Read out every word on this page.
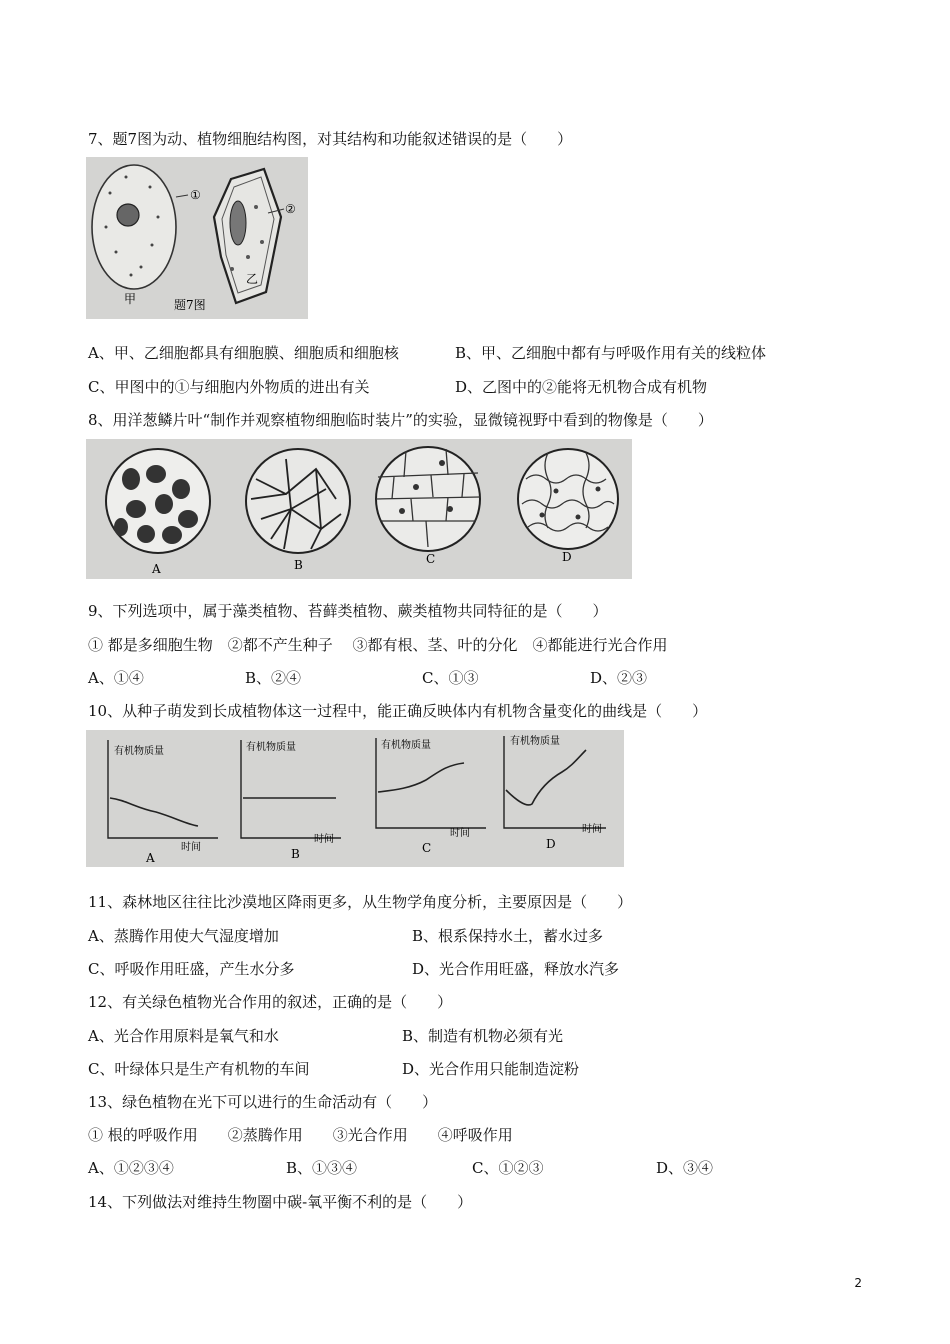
7、题7图为动、植物细胞结构图，对其结构和功能叙述错误的是（　　）
①
②
甲
乙
题7图
A、甲、乙细胞都具有细胞膜、细胞质和细胞核	B、甲、乙细胞中都有与呼吸作用有关的线粒体
C、甲图中的①与细胞内外物质的进出有关	D、乙图中的②能将无机物合成有机物
8、用洋葱鳞片叶“制作并观察植物细胞临时装片”的实验，显微镜视野中看到的物像是（　　）
A	B	C	D
9、下列选项中，属于藻类植物、苔藓类植物、蕨类植物共同特征的是（　　）
① 都是多细胞生物　②都不产生种子　 ③都有根、茎、叶的分化　④都能进行光合作用
A、①④	B、②④	C、①③	D、②③
10、从种子萌发到长成植物体这一过程中，能正确反映体内有机物含量变化的曲线是（　　）
有机物质量	有机物质量	有机物质量	有机物质量
时间
时间
时间	时间
A	B	C	D
11、森林地区往往比沙漠地区降雨更多，从生物学角度分析，主要原因是（　　）
A、蒸腾作用使大气湿度增加	B、根系保持水土，蓄水过多
C、呼吸作用旺盛，产生水分多	D、光合作用旺盛，释放水汽多
12、有关绿色植物光合作用的叙述，正确的是（　　）
A、光合作用原料是氧气和水	B、制造有机物必须有光
C、叶绿体只是生产有机物的车间	D、光合作用只能制造淀粉
13、绿色植物在光下可以进行的生命活动有（　　）
① 根的呼吸作用　　②蒸腾作用　　③光合作用　　④呼吸作用
A、①②③④	B、①③④	C、①②③	D、③④
14、下列做法对维持生物圈中碳-氧平衡不利的是（　　）
2
